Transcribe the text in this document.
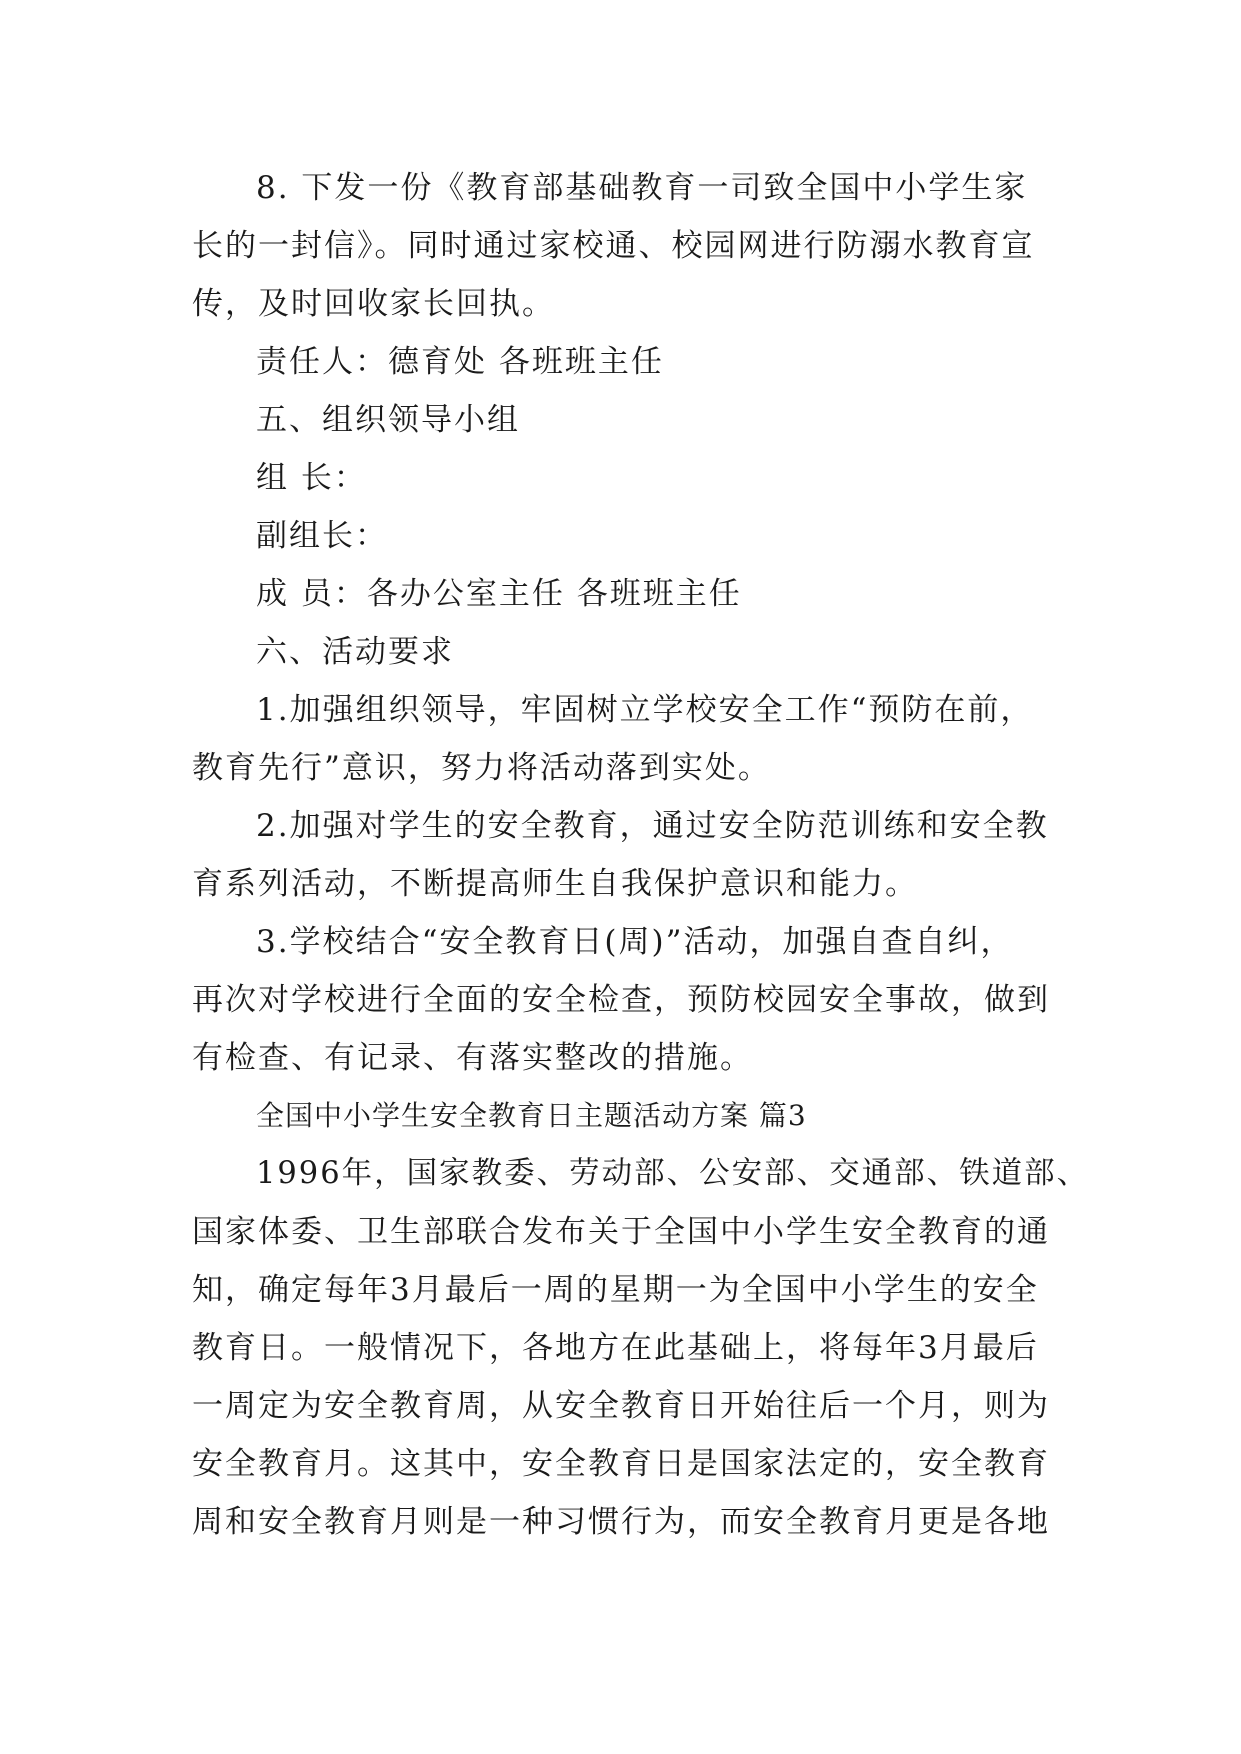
8. 下发一份《教育部基础教育一司致全国中小学生家
长的一封信》。同时通过家校通、校园网进行防溺水教育宣
传，及时回收家长回执。
责任人：德育处 各班班主任
五、组织领导小组
组 长：
副组长：
成 员：各办公室主任 各班班主任
六、活动要求
1.加强组织领导，牢固树立学校安全工作“预防在前，
教育先行”意识，努力将活动落到实处。
2.加强对学生的安全教育，通过安全防范训练和安全教
育系列活动，不断提高师生自我保护意识和能力。
3.学校结合“安全教育日(周)”活动，加强自查自纠，
再次对学校进行全面的安全检查，预防校园安全事故，做到
有检查、有记录、有落实整改的措施。
全国中小学生安全教育日主题活动方案 篇3
1996年，国家教委、劳动部、公安部、交通部、铁道部、
国家体委、卫生部联合发布关于全国中小学生安全教育的通
知，确定每年3月最后一周的星期一为全国中小学生的安全
教育日。一般情况下，各地方在此基础上，将每年3月最后
一周定为安全教育周，从安全教育日开始往后一个月，则为
安全教育月。这其中，安全教育日是国家法定的，安全教育
周和安全教育月则是一种习惯行为，而安全教育月更是各地
